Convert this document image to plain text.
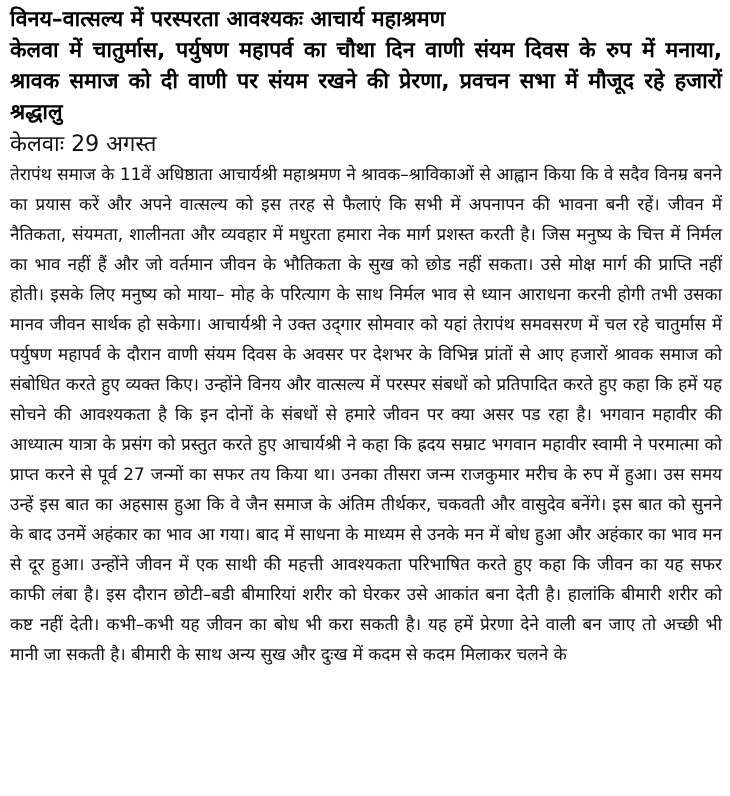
विनय–वात्सल्य में परस्परता आवश्यकः आचार्य महाश्रमण
केलवा में चातुर्मास, पर्युषण महापर्व का चौथा दिन वाणी संयम दिवस के रुप में मनाया, श्रावक समाज को दी वाणी पर संयम रखने की प्रेरणा, प्रवचन सभा में मौजूद रहे हजारों श्रद्धालु
केलवाः 29 अगस्त

तेरापंथ समाज के 11वें अधिष्ठाता आचार्यश्री महाश्रमण ने श्रावक–श्राविकाओं से आह्वान किया कि वे सदैव विनम्र बनने का प्रयास करें और अपने वात्सल्य को इस तरह से फैलाएं कि सभी में अपनापन की भावना बनी रहें। जीवन में नैतिकता, संयमता, शालीनता और व्यवहार में मधुरता हमारा नेक मार्ग प्रशस्त करती है। जिस मनुष्य के चित्त में निर्मल का भाव नहीं हैं और जो वर्तमान जीवन के भौतिकता के सुख को छोड नहीं सकता। उसे मोक्ष मार्ग की प्राप्ति नहीं होती। इसके लिए मनुष्य को माया– मोह के परित्याग के साथ निर्मल भाव से ध्यान आराधना करनी होगी तभी उसका मानव जीवन सार्थक हो सकेगा। आचार्यश्री ने उक्त उद्‌गार सोमवार को यहां तेरापंथ समवसरण में चल रहे चातुर्मास में पर्युषण महापर्व के दौरान वाणी संयम दिवस के अवसर पर देशभर के विभिन्न प्रांतों से आए हजारों श्रावक समाज को संबोधित करते हुए व्यक्त किए। उन्होंने विनय और वात्सल्य में परस्पर संबधों को प्रतिपादित करते हुए कहा कि हमें यह सोचने की आवश्यकता है कि इन दोनों के संबधों से हमारे जीवन पर क्या असर पड रहा है। भगवान महावीर की आध्यात्म यात्रा के प्रसंग को प्रस्तुत करते हुए आचार्यश्री ने कहा कि ह्रदय सम्राट भगवान महावीर स्वामी ने परमात्मा को प्राप्त करने से पूर्व 27 जन्मों का सफर तय किया था। उनका तीसरा जन्म राजकुमार मरीच के रुप में हुआ। उस समय उन्हें इस बात का अहसास हुआ कि वे जैन समाज के अंतिम तीर्थकर, चकवती और वासुदेव बनेंगे। इस बात को सुनने के बाद उनमें अहंकार का भाव आ गया। बाद में साधना के माध्यम से उनके मन में बोध हुआ और अहंकार का भाव मन से दूर हुआ। उन्होंने जीवन में एक साथी की महत्ती आवश्यकता परिभाषित करते हुए कहा कि जीवन का यह सफर काफी लंबा है। इस दौरान छोटी–बडी बीमारियां शरीर को घेरकर उसे आकांत बना देती है। हालांकि बीमारी शरीर को कष्ट नहीं देती। कभी–कभी यह जीवन का बोध भी करा सकती है। यह हमें प्रेरणा देने वाली बन जाए तो अच्छी भी मानी जा सकती है। बीमारी के साथ अन्य सुख और दुःख में कदम से कदम मिलाकर चलने के
